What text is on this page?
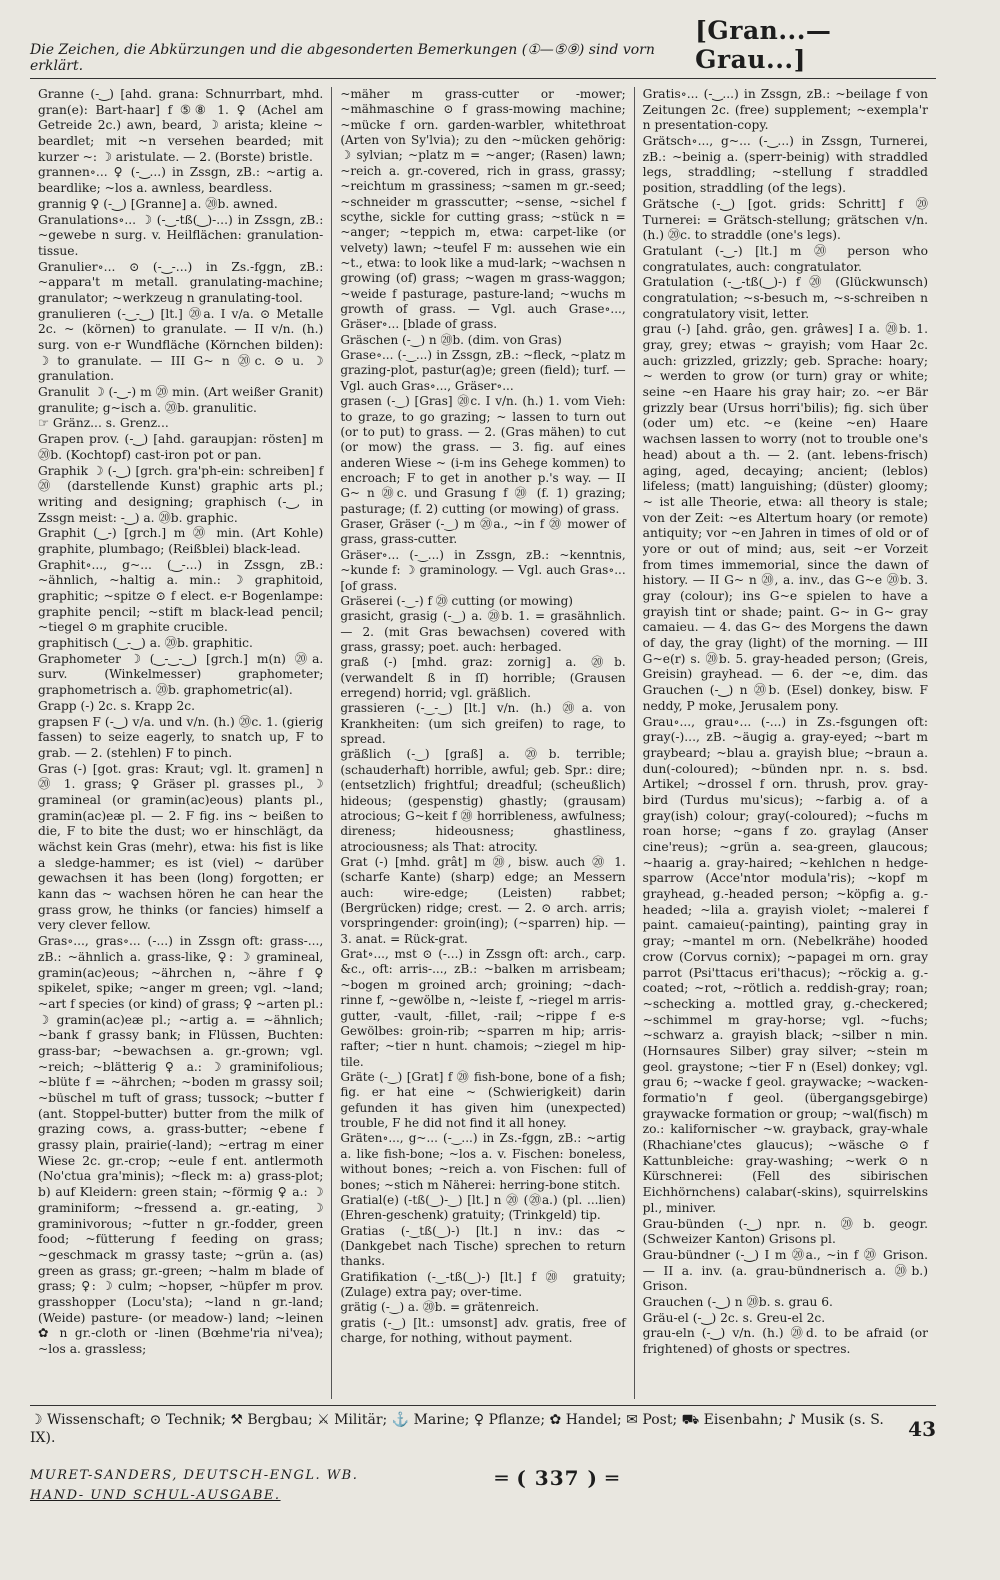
Die Zeichen, die Abkürzungen und die abgesonderten Bemerkungen (①—⑤⑨) sind vorn erklärt.
[Gran...—Grau...]

Granne (-‿) [ahd. grana: Schnurrbart, mhd. gran(e): Bart-haar] f ⑤⑧ 1. ♀ (Achel am Getreide 2c.) awn, beard, ☽ arista; kleine ~ beardlet; mit ~n versehen bearded; mit kurzer ~: ☽ aristulate. — 2. (Borste) bristle.

grannen∘... ♀ (-‿...) in Zssgn, zB.: ~artig a. beardlike; ~los a. awnless, beardless.

grannig ♀ (-‿) [Granne] a. ⑳b. awned.

Granulations∘... ☽ (-‿-tß(‿)-...) in Zssgn, zB.: ~gewebe n surg. v. Heilflächen: granulation-tissue.

Granulier∘... ⊙ (-‿-...) in Zs.-fggn, zB.: ~appara't m metall. granulating-machine; granulator; ~werkzeug n granulating-tool.

granulieren (-‿-‿) [lt.] ⑳a. I v/a. ⊙ Metalle 2c. ~ (körnen) to granulate. — II v/n. (h.) surg. von e-r Wundfläche (Körnchen bilden): ☽ to granulate. — III G~ n ⑳c. ⊙ u. ☽ granulation.

Granulit ☽ (-‿-) m ⑳ min. (Art weißer Granit) granulite; g~isch a. ⑳b. granulitic.

☞ Gränz... s. Grenz...

Grapen prov. (-‿) [ahd. garaupjan: rösten] m ⑳b. (Kochtopf) cast-iron pot or pan.

Graphik ☽ (-‿) [grch. gra'ph-ein: schreiben] f ⑳ (darstellende Kunst) graphic arts pl.; writing and designing; graphisch (-‿, in Zssgn meist: -‿) a. ⑳b. graphic.

Graphit (‿-) [grch.] m ⑳ min. (Art Kohle) graphite, plumbago; (Reißblei) black-lead.

Graphit∘..., g~... (‿-...) in Zssgn, zB.: ~ähnlich, ~haltig a. min.: ☽ graphitoid, graphitic; ~spitze ⊙ f elect. e-r Bogenlampe: graphite pencil; ~stift m black-lead pencil; ~tiegel ⊙ m graphite crucible.

graphitisch (‿-‿) a. ⑳b. graphitic.

Graphometer ☽ (‿-‿-‿) [grch.] m(n) ⑳a. surv. (Winkelmesser) graphometer; graphometrisch a. ⑳b. graphometric(al).

Grapp (-) 2c. s. Krapp 2c.

grapsen F (-‿) v/a. und v/n. (h.) ⑳c. 1. (gierig fassen) to seize eagerly, to snatch up, F to grab. — 2. (stehlen) F to pinch.

Gras (-) [got. gras: Kraut; vgl. lt. gramen] n ⑳ 1. grass; ♀ Gräser pl. grasses pl., ☽ gramineal (or gramin(ac)eous) plants pl., gramin(ac)eæ pl. — 2. F fig. ins ~ beißen to die, F to bite the dust; wo er hinschlägt, da wächst kein Gras (mehr), etwa: his fist is like a sledge-hammer; es ist (viel) ~ darüber gewachsen it has been (long) forgotten; er kann das ~ wachsen hören he can hear the grass grow, he thinks (or fancies) himself a very clever fellow.

Gras∘..., gras∘... (-...) in Zssgn oft: grass-..., zB.: ~ähnlich a. grass-like, ♀: ☽ gramineal, gramin(ac)eous; ~ährchen n, ~ähre f ♀ spikelet, spike; ~anger m green; vgl. ~land; ~art f species (or kind) of grass; ♀ ~arten pl.: ☽ gramin(ac)eæ pl.; ~artig a. = ~ähnlich; ~bank f grassy bank; in Flüssen, Buchten: grass-bar; ~bewachsen a. gr.-grown; vgl. ~reich; ~blätterig ♀ a.: ☽ graminifolious; ~blüte f = ~ährchen; ~boden m grassy soil; ~büschel m tuft of grass; tussock; ~butter f (ant. Stoppel-butter) butter from the milk of grazing cows, a. grass-butter; ~ebene f grassy plain, prairie(-land); ~ertrag m einer Wiese 2c. gr.-crop; ~eule f ent. antlermoth (No'ctua gra'minis); ~fleck m: a) grass-plot; b) auf Kleidern: green stain; ~förmig ♀ a.: ☽ graminiform; ~fressend a. gr.-eating, ☽ graminivorous; ~futter n gr.-fodder, green food; ~fütterung f feeding on grass; ~geschmack m grassy taste; ~grün a. (as) green as grass; gr.-green; ~halm m blade of grass; ♀: ☽ culm; ~hopser, ~hüpfer m prov. grasshopper (Locu'sta); ~land n gr.-land; (Weide) pasture- (or meadow-) land; ~leinen ✿ n gr.-cloth or -linen (Bœhme'ria ni'vea); ~los a. grassless;

~mäher m grass-cutter or -mower; ~mähmaschine ⊙ f grass-mowing machine; ~mücke f orn. garden-warbler, whitethroat (Arten von Sy'lvia); zu den ~mücken gehörig: ☽ sylvian; ~platz m = ~anger; (Rasen) lawn; ~reich a. gr.-covered, rich in grass, grassy; ~reichtum m grassiness; ~samen m gr.-seed; ~schneider m grasscutter; ~sense, ~sichel f scythe, sickle for cutting grass; ~stück n = ~anger; ~teppich m, etwa: carpet-like (or velvety) lawn; ~teufel F m: aussehen wie ein ~t., etwa: to look like a mud-lark; ~wachsen n growing (of) grass; ~wagen m grass-waggon; ~weide f pasturage, pasture-land; ~wuchs m growth of grass. — Vgl. auch Grase∘..., Gräser∘... [blade of grass.

Gräschen (-‿) n ⑳b. (dim. von Gras)

Grase∘... (-‿...) in Zssgn, zB.: ~fleck, ~platz m grazing-plot, pastur(ag)e; green (field); turf. — Vgl. auch Gras∘..., Gräser∘...

grasen (-‿) [Gras] ⑳c. I v/n. (h.) 1. vom Vieh: to graze, to go grazing; ~ lassen to turn out (or to put) to grass. — 2. (Gras mähen) to cut (or mow) the grass. — 3. fig. auf eines anderen Wiese ~ (i-m ins Gehege kommen) to encroach; F to get in another p.'s way. — II G~ n ⑳c. und Grasung f ⑳ (f. 1) grazing; pasturage; (f. 2) cutting (or mowing) of grass.

Graser, Gräser (-‿) m ⑳a., ~in f ⑳ mower of grass, grass-cutter.

Gräser∘... (-‿...) in Zssgn, zB.: ~kenntnis, ~kunde f: ☽ graminology. — Vgl. auch Gras∘... [of grass.

Gräserei (-‿-) f ⑳ cutting (or mowing)

grasicht, grasig (-‿) a. ⑳b. 1. = grasähnlich. — 2. (mit Gras bewachsen) covered with grass, grassy; poet. auch: herbaged.

graß (-) [mhd. graz: zornig] a. ⑳b. (verwandelt ß in ſſ) horrible; (Grausen erregend) horrid; vgl. gräßlich.

grassieren (-‿-‿) [lt.] v/n. (h.) ⑳a. von Krankheiten: (um sich greifen) to rage, to spread.

gräßlich (-‿) [graß] a. ⑳b. terrible; (schauderhaft) horrible, awful; geb. Spr.: dire; (entsetzlich) frightful; dreadful; (scheußlich) hideous; (gespenstig) ghastly; (grausam) atrocious; G~keit f ⑳ horribleness, awfulness; direness; hideousness; ghastliness, atrociousness; als That: atrocity.

Grat (-) [mhd. grât] m ⑳, bisw. auch ⑳ 1. (scharfe Kante) (sharp) edge; an Messern auch: wire-edge; (Leisten) rabbet; (Bergrücken) ridge; crest. — 2. ⊙ arch. arris; vorspringender: groin(ing); (~sparren) hip. — 3. anat. = Rück-grat.

Grat∘..., mst ⊙ (-...) in Zssgn oft: arch., carp. &c., oft: arris-..., zB.: ~balken m arrisbeam; ~bogen m groined arch; groining; ~dach-rinne f, ~gewölbe n, ~leiste f, ~riegel m arris-gutter, -vault, -fillet, -rail; ~rippe f e-s Gewölbes: groin-rib; ~sparren m hip; arris-rafter; ~tier n hunt. chamois; ~ziegel m hip-tile.

Gräte (-‿) [Grat] f ⑳ fish-bone, bone of a fish; fig. er hat eine ~ (Schwierigkeit) darin gefunden it has given him (unexpected) trouble, F he did not find it all honey.

Gräten∘..., g~... (-‿...) in Zs.-fggn, zB.: ~artig a. like fish-bone; ~los a. v. Fischen: boneless, without bones; ~reich a. von Fischen: full of bones; ~stich m Näherei: herring-bone stitch.

Gratial(e) (-tß(‿)-‿) [lt.] n ⑳ (⑳a.) (pl. ...lien) (Ehren-geschenk) gratuity; (Trinkgeld) tip.

Gratias (-‿tß(‿)-) [lt.] n inv.: das ~ (Dankgebet nach Tische) sprechen to return thanks.

Gratifikation (-‿-tß(‿)-) [lt.] f ⑳ gratuity; (Zulage) extra pay; over-time.

grätig (-‿) a. ⑳b. = grätenreich.

gratis (-‿) [lt.: umsonst] adv. gratis, free of charge, for nothing, without payment.

Gratis∘... (-‿...) in Zssgn, zB.: ~beilage f von Zeitungen 2c. (free) supplement; ~exempla'r n presentation-copy.

Grätsch∘..., g~... (-‿...) in Zssgn, Turnerei, zB.: ~beinig a. (sperr-beinig) with straddled legs, straddling; ~stellung f straddled position, straddling (of the legs).

Grätsche (-‿) [got. grids: Schritt] f ⑳ Turnerei: = Grätsch-stellung; grätschen v/n. (h.) ⑳c. to straddle (one's legs).

Gratulant (-‿-) [lt.] m ⑳ person who congratulates, auch: congratulator.

Gratulation (-‿-tß(‿)-) f ⑳ (Glückwunsch) congratulation; ~s-besuch m, ~s-schreiben n congratulatory visit, letter.

grau (-) [ahd. grâo, gen. grâwes] I a. ⑳b. 1. gray, grey; etwas ~ grayish; vom Haar 2c. auch: grizzled, grizzly; geb. Sprache: hoary; ~ werden to grow (or turn) gray or white; seine ~en Haare his gray hair; zo. ~er Bär grizzly bear (Ursus horri'bilis); fig. sich über (oder um) etc. ~e (keine ~en) Haare wachsen lassen to worry (not to trouble one's head) about a th. — 2. (ant. lebens-frisch) aging, aged, decaying; ancient; (leblos) lifeless; (matt) languishing; (düster) gloomy; ~ ist alle Theorie, etwa: all theory is stale; von der Zeit: ~es Altertum hoary (or remote) antiquity; vor ~en Jahren in times of old or of yore or out of mind; aus, seit ~er Vorzeit from times immemorial, since the dawn of history. — II G~ n ⑳, a. inv., das G~e ⑳b. 3. gray (colour); ins G~e spielen to have a grayish tint or shade; paint. G~ in G~ gray camaieu. — 4. das G~ des Morgens the dawn of day, the gray (light) of the morning. — III G~e(r) s. ⑳b. 5. gray-headed person; (Greis, Greisin) grayhead. — 6. der ~e, dim. das Grauchen (-‿) n ⑳b. (Esel) donkey, bisw. F neddy, P moke, Jerusalem pony.

Grau∘..., grau∘... (-...) in Zs.-fsgungen oft: gray(-)..., zB. ~äugig a. gray-eyed; ~bart m graybeard; ~blau a. grayish blue; ~braun a. dun(-coloured); ~bünden npr. n. s. bsd. Artikel; ~drossel f orn. thrush, prov. gray-bird (Turdus mu'sicus); ~farbig a. of a gray(ish) colour; gray(-coloured); ~fuchs m roan horse; ~gans f zo. graylag (Anser cine'reus); ~grün a. sea-green, glaucous; ~haarig a. gray-haired; ~kehlchen n hedge-sparrow (Acce'ntor modula'ris); ~kopf m grayhead, g.-headed person; ~köpfig a. g.-headed; ~lila a. grayish violet; ~malerei f paint. camaieu(-painting), painting gray in gray; ~mantel m orn. (Nebelkrähe) hooded crow (Corvus cornix); ~papagei m orn. gray parrot (Psi'ttacus eri'thacus); ~röckig a. g.-coated; ~rot, ~rötlich a. reddish-gray; roan; ~schecking a. mottled gray, g.-checkered; ~schimmel m gray-horse; vgl. ~fuchs; ~schwarz a. grayish black; ~silber n min. (Hornsaures Silber) gray silver; ~stein m geol. graystone; ~tier F n (Esel) donkey; vgl. grau 6; ~wacke f geol. graywacke; ~wacken-formatio'n f geol. (übergangsgebirge) graywacke formation or group; ~wal(fisch) m zo.: kalifornischer ~w. grayback, gray-whale (Rhachiane'ctes glaucus); ~wäsche ⊙ f Kattunbleiche: gray-washing; ~werk ⊙ n Kürschnerei: (Fell des sibirischen Eichhörnchens) calabar(-skins), squirrelskins pl., miniver.

Grau-bünden (-‿) npr. n. ⑳b. geogr. (Schweizer Kanton) Grisons pl.

Grau-bündner (-‿) I m ⑳a., ~in f ⑳ Grison. — II a. inv. (a. grau-bündnerisch a. ⑳b.) Grison.

Grauchen (-‿) n ⑳b. s. grau 6.

Gräu-el (-‿) 2c. s. Greu-el 2c.

grau-eln (-‿) v/n. (h.) ⑳d. to be afraid (or frightened) of ghosts or spectres.

☽ Wissenschaft; ⊙ Technik; ⚒ Bergbau; ⚔ Militär; ⚓ Marine; ♀ Pflanze; ✿ Handel; ✉ Post; ⛟ Eisenbahn; ♪ Musik (s. S. IX).	43
MURET-SANDERS, DEUTSCH-ENGL. WB.
HAND- UND SCHUL-AUSGABE.
═ ( 337 ) ═
